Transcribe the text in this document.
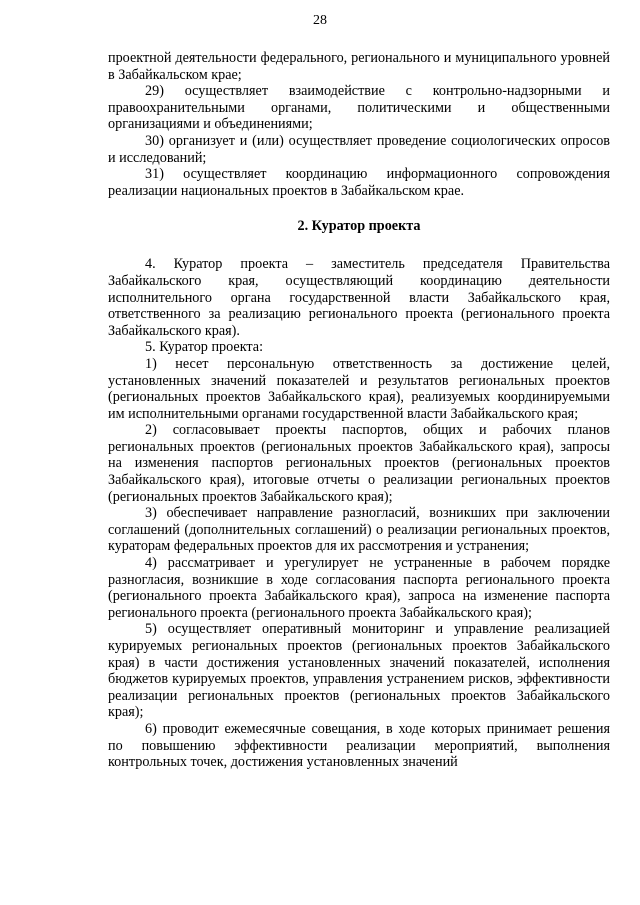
28

проектной деятельности федерального, регионального и муниципального уровней в Забайкальском крае;

29) осуществляет взаимодействие с контрольно-надзорными и правоохранительными органами, политическими и общественными организациями и объединениями;

30) организует и (или) осуществляет проведение социологических опросов и исследований;

31) осуществляет координацию информационного сопровождения реализации национальных проектов в Забайкальском крае.

2. Куратор проекта

4. Куратор проекта – заместитель председателя Правительства Забайкальского края, осуществляющий координацию деятельности исполнительного органа государственной власти Забайкальского края, ответственного за реализацию регионального проекта (регионального проекта Забайкальского края).

5. Куратор проекта:

1) несет персональную ответственность за достижение целей, установленных значений показателей и результатов региональных проектов (региональных проектов Забайкальского края), реализуемых координируемыми им исполнительными органами государственной власти Забайкальского края;

2) согласовывает проекты паспортов, общих и рабочих планов региональных проектов (региональных проектов Забайкальского края), запросы на изменения паспортов региональных проектов (региональных проектов Забайкальского края), итоговые отчеты о реализации региональных проектов (региональных проектов Забайкальского края);

3) обеспечивает направление разногласий, возникших при заключении соглашений (дополнительных соглашений) о реализации региональных проектов, кураторам федеральных проектов для их рассмотрения и устранения;

4) рассматривает и урегулирует не устраненные в рабочем порядке разногласия, возникшие в ходе согласования паспорта регионального проекта (регионального проекта Забайкальского края), запроса на изменение паспорта регионального проекта (регионального проекта Забайкальского края);

5) осуществляет оперативный мониторинг и управление реализацией курируемых региональных проектов (региональных проектов Забайкальского края) в части достижения установленных значений показателей, исполнения бюджетов курируемых проектов, управления устранением рисков, эффективности реализации региональных проектов (региональных проектов Забайкальского края);

6) проводит ежемесячные совещания, в ходе которых принимает решения по повышению эффективности реализации мероприятий, выполнения контрольных точек, достижения установленных значений
